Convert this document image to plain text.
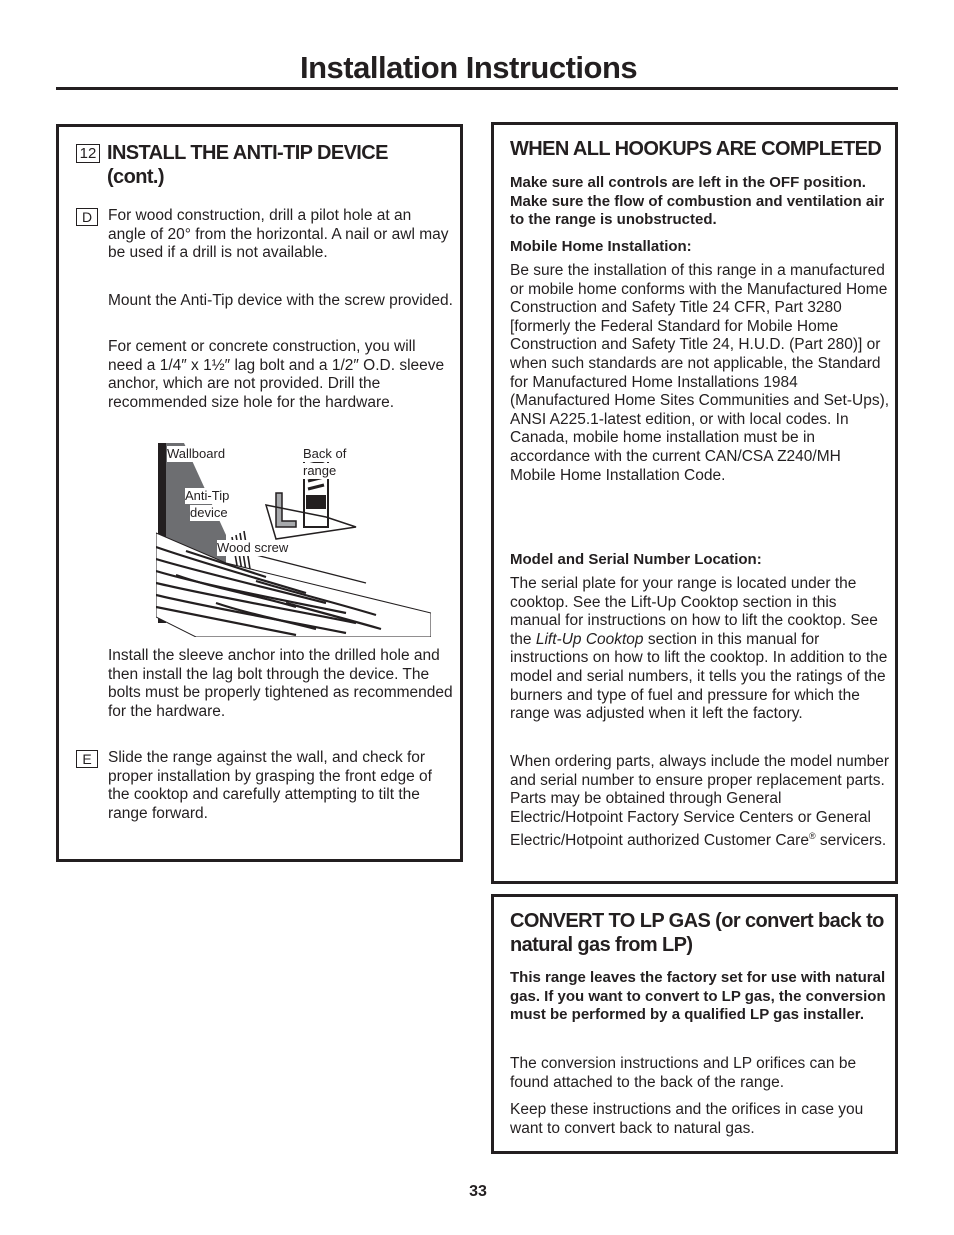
Installation Instructions
12 INSTALL THE ANTI-TIP DEVICE (cont.)
D	For wood construction, drill a pilot hole at an angle of 20° from the horizontal. A nail or awl may be used if a drill is not available.

Mount the Anti-Tip device with the screw provided.

For cement or concrete construction, you will need a 1/4″ x 1½″ lag bolt and a 1/2″ O.D. sleeve anchor, which are not provided. Drill the recommended size hole for the hardware.

Wallboard	Back of
range
Anti-Tip
device
Wood screw

Install the sleeve anchor into the drilled hole and then install the lag bolt through the device. The bolts must be properly tightened as recommended for the hardware.

E	Slide the range against the wall, and check for proper installation by grasping the front edge of the cooktop and carefully attempting to tilt the range forward.

WHEN ALL HOOKUPS ARE COMPLETED

Make sure all controls are left in the OFF position. Make sure the flow of combustion and ventilation air to the range is unobstructed.

Mobile Home Installation:

Be sure the installation of this range in a manufactured or mobile home conforms with the Manufactured Home Construction and Safety Title 24 CFR, Part 3280 [formerly the Federal Standard for Mobile Home Construction and Safety Title 24, H.U.D. (Part 280)] or when such standards are not applicable, the Standard for Manufactured Home Installations 1984 (Manufactured Home Sites Communities and Set-Ups), ANSI A225.1-latest edition, or with local codes. In Canada, mobile home installation must be in accordance with the current CAN/CSA Z240/MH Mobile Home Installation Code.

Model and Serial Number Location:

The serial plate for your range is located under the cooktop. See the Lift-Up Cooktop section in this manual for instructions on how to lift the cooktop. See the Lift-Up Cooktop section in this manual for instructions on how to lift the cooktop. In addition to the model and serial numbers, it tells you the ratings of the burners and type of fuel and pressure for which the range was adjusted when it left the factory.

When ordering parts, always include the model number and serial number to ensure proper replacement parts. Parts may be obtained through General Electric/Hotpoint Factory Service Centers or General Electric/Hotpoint authorized Customer Care® servicers.

CONVERT TO LP GAS (or convert back to natural gas from LP)

This range leaves the factory set for use with natural gas. If you want to convert to LP gas, the conversion must be performed by a qualified LP gas installer.

The conversion instructions and LP orifices can be found attached to the back of the range.

Keep these instructions and the orifices in case you want to convert back to natural gas.

33
